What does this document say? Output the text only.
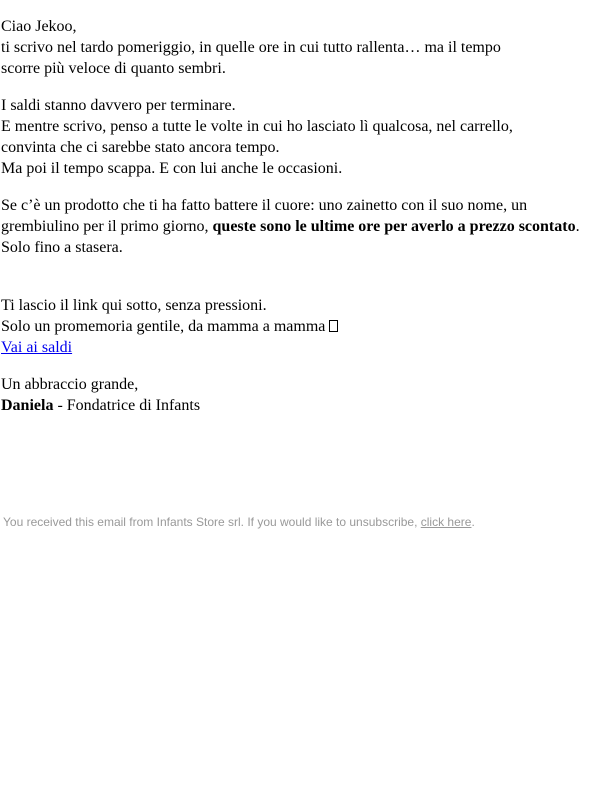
Ciao Jekoo,
ti scrivo nel tardo pomeriggio, in quelle ore in cui tutto rallenta… ma il tempo
scorre più veloce di quanto sembri.
I saldi stanno davvero per terminare.
E mentre scrivo, penso a tutte le volte in cui ho lasciato lì qualcosa, nel carrello,
convinta che ci sarebbe stato ancora tempo.
Ma poi il tempo scappa. E con lui anche le occasioni.
Se c’è un prodotto che ti ha fatto battere il cuore: uno zainetto con il suo nome, un grembiulino per il primo giorno, queste sono le ultime ore per averlo a prezzo scontato.
Solo fino a stasera.
Ti lascio il link qui sotto, senza pressioni.
Solo un promemoria gentile, da mamma a mamma
Vai ai saldi
Un abbraccio grande,
Daniela - Fondatrice di Infants
You received this email from Infants Store srl. If you would like to unsubscribe, click here.
